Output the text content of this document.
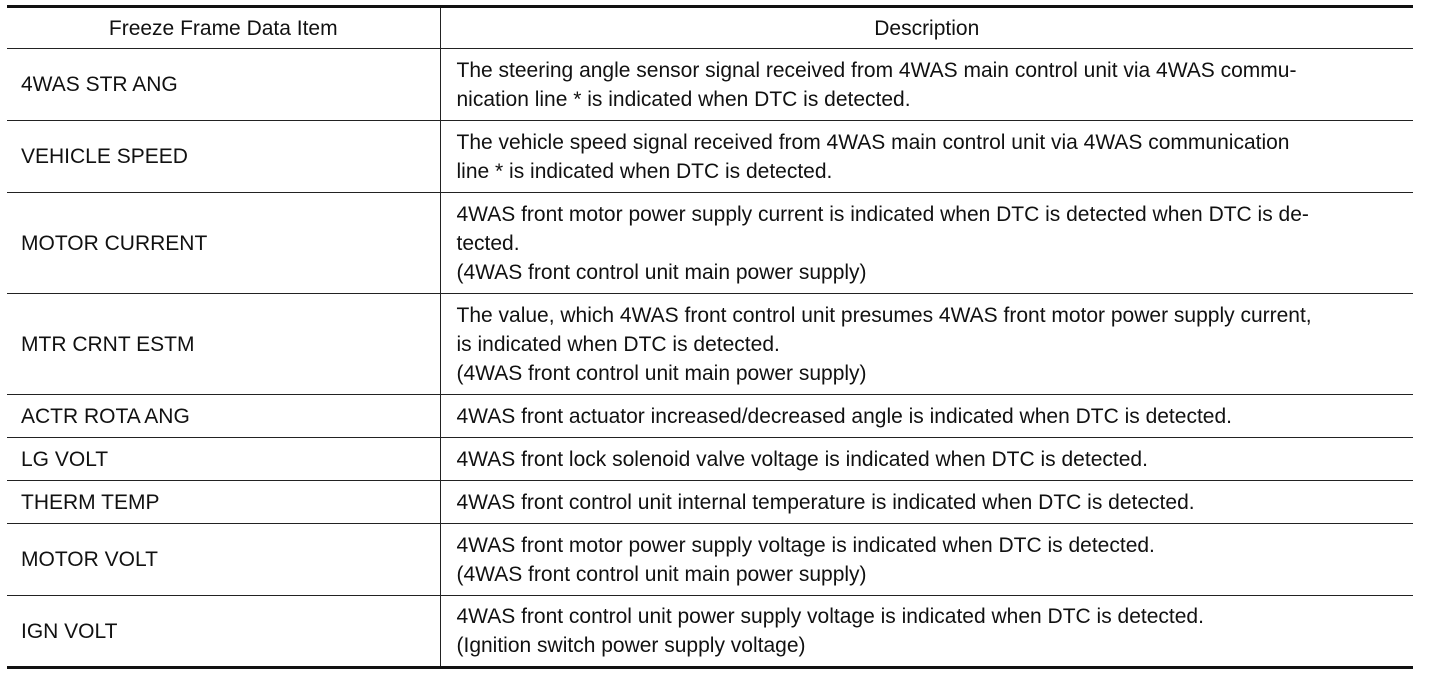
Freeze Frame Data Item	Description
4WAS STR ANG	The steering angle sensor signal received from 4WAS main control unit via 4WAS commu-
nication line * is indicated when DTC is detected.

VEHICLE SPEED	The vehicle speed signal received from 4WAS main control unit via 4WAS communication
line * is indicated when DTC is detected.

MOTOR CURRENT	4WAS front motor power supply current is indicated when DTC is detected when DTC is de-
tected.
(4WAS front control unit main power supply)

MTR CRNT ESTM	The value, which 4WAS front control unit presumes 4WAS front motor power supply current,
is indicated when DTC is detected.
(4WAS front control unit main power supply)

ACTR ROTA ANG	4WAS front actuator increased/decreased angle is indicated when DTC is detected.

LG VOLT	4WAS front lock solenoid valve voltage is indicated when DTC is detected.

THERM TEMP	4WAS front control unit internal temperature is indicated when DTC is detected.

MOTOR VOLT	4WAS front motor power supply voltage is indicated when DTC is detected.
(4WAS front control unit main power supply)

IGN VOLT	4WAS front control unit power supply voltage is indicated when DTC is detected.
(Ignition switch power supply voltage)
